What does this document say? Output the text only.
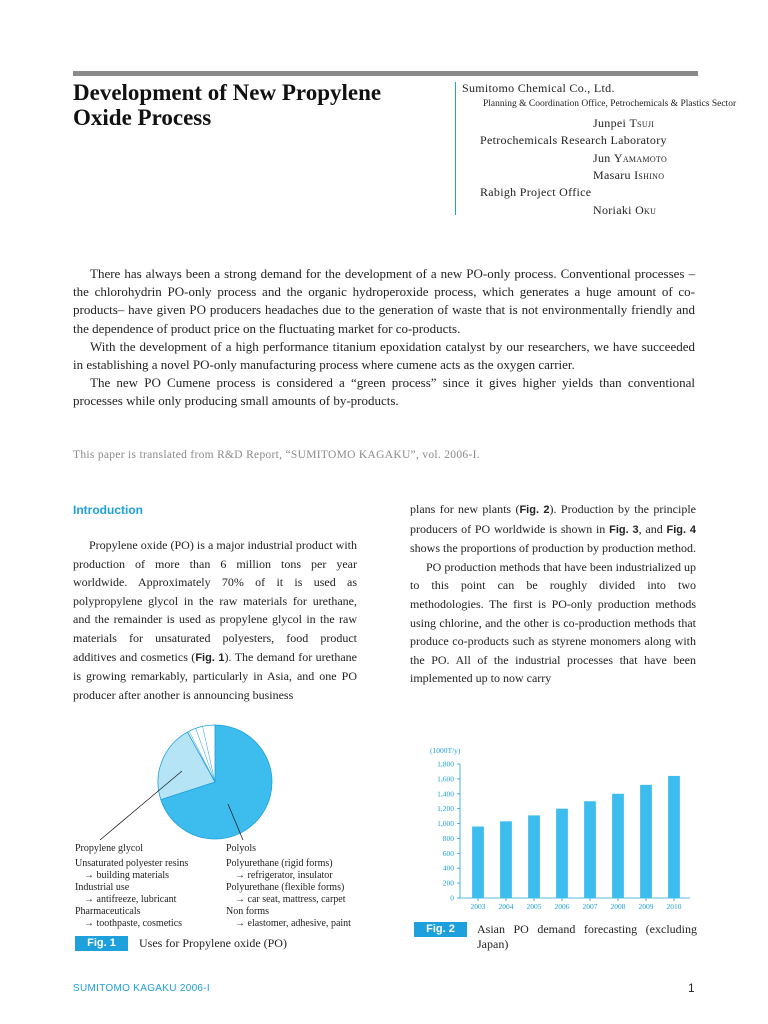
Development of New Propylene
Oxide Process
Sumitomo Chemical Co., Ltd.
Planning & Coordination Office, Petrochemicals & Plastics Sector
Junpei Tsuji
Petrochemicals Research Laboratory
Jun Yamamoto
Masaru Ishino
Rabigh Project Office
Noriaki Oku

There has always been a strong demand for the development of a new PO-only process. Conventional processes –the chlorohydrin PO-only process and the organic hydroperoxide process, which generates a huge amount of co-products– have given PO producers headaches due to the generation of waste that is not environmentally friendly and the dependence of product price on the fluctuating market for co-products.

With the development of a high performance titanium epoxidation catalyst by our researchers, we have succeeded in establishing a novel PO-only manufacturing process where cumene acts as the oxygen carrier.

The new PO Cumene process is considered a “green process” since it gives higher yields than conventional processes while only producing small amounts of by-products.

This paper is translated from R&D Report, “SUMITOMO KAGAKU”, vol. 2006-I.
Introduction

Propylene oxide (PO) is a major industrial product with production of more than 6 million tons per year worldwide. Approximately 70% of it is used as polypropylene glycol in the raw materials for urethane, and the remainder is used as propylene glycol in the raw materials for unsaturated polyesters, food product additives and cosmetics (Fig. 1). The demand for urethane is growing remarkably, particularly in Asia, and one PO producer after another is announcing business

plans for new plants (Fig. 2). Production by the principle producers of PO worldwide is shown in Fig. 3, and Fig. 4 shows the proportions of production by production method.

PO production methods that have been industrialized up to this point can be roughly divided into two methodologies. The first is PO-only production methods using chlorine, and the other is co-production methods that produce co-products such as styrene monomers along with the PO. All of the industrial processes that have been implemented up to now carry

Propylene glycol
Unsaturated polyester resins
→ building materials
Industrial use
→ antifreeze, lubricant
Pharmaceuticals
→ toothpaste, cosmetics
Polyols
Polyurethane (rigid forms)
→ refrigerator, insulator
Polyurethane (flexible forms)
→ car seat, mattress, carpet
Non forms
→ elastomer, adhesive, paint
Fig. 1	Uses for Propylene oxide (PO)
(1000T/y)
0
200
400
600
800
1,000
1,200
1,400
1,600
1,800
2003 2004 2005 2006 2007 2008 2009 2010
Fig. 2	Asian PO demand forecasting (excluding Japan)
SUMITOMO KAGAKU 2006-I	1
